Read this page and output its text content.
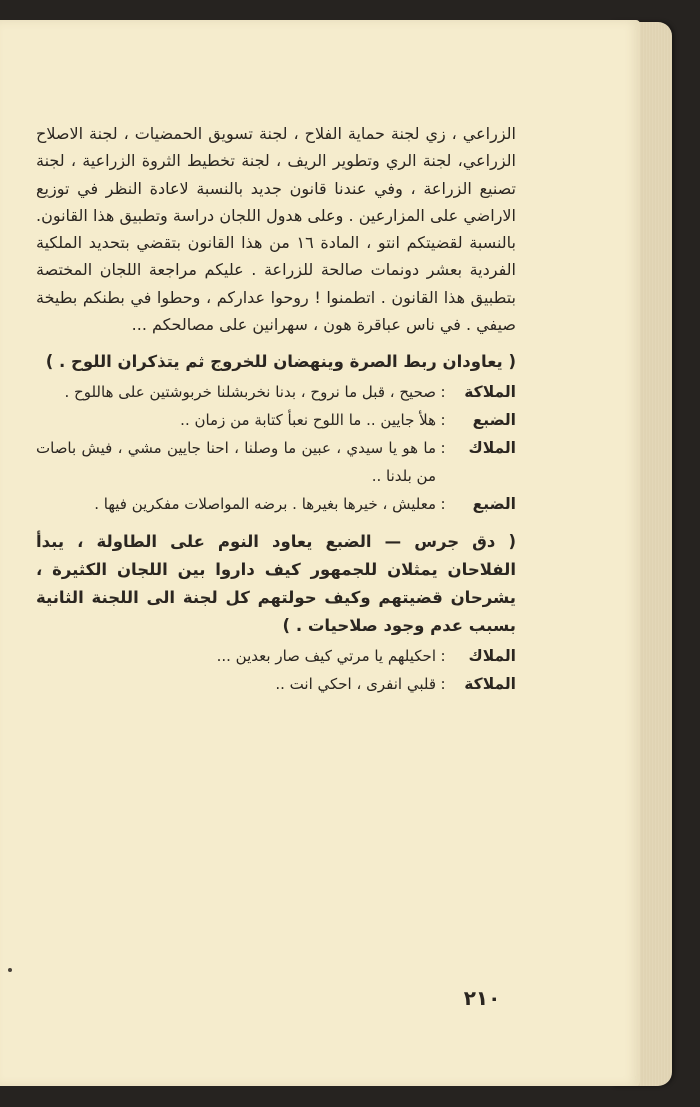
الزراعي ، زي لجنة حماية الفلاح ، لجنة تسويق الحمضيات ، لجنة الاصلاح الزراعي، لجنة الري وتطوير الريف ، لجنة تخطيط الثروة الزراعية ، لجنة تصنيع الزراعة ، وفي عندنا قانون جديد بالنسبة لاعادة النظر في توزيع الاراضي على المزارعين . وعلى هدول اللجان دراسة وتطبيق هذا القانون. بالنسبة لقضيتكم انتو ، المادة ١٦ من هذا القانون بتقضي بتحديد الملكية الفردية بعشر دونمات صالحة للزراعة . عليكم مراجعة اللجان المختصة بتطبيق هذا القانون . اتطمنوا ! روحوا عداركم ، وحطوا في بطنكم بطيخة صيفي . في ناس عباقرة هون ، سهرانين على مصالحكم ...

( يعاودان ربط الصرة وينهضان للخروج ثم يتذكران اللوح . )

الملاكة
:
صحيح ، قبل ما نروح ، بدنا نخربشلنا خربوشتين على هاللوح .
الضبع
:
هلأ جايين .. ما اللوح نعبأ كتابة من زمان ..
الملاك
:
ما هو يا سيدي ، عبين ما وصلنا ، احنا جايين مشي ، فيش باصات من بلدنا ..
الضبع
:
معليش ، خيرها بغيرها . برضه المواصلات مفكرين فيها .

( دق جرس — الضبع يعاود النوم على الطاولة ، يبدأ الفلاحان يمثلان للجمهور كيف داروا بين اللجان الكثيرة ، يشرحان قضيتهم وكيف حولتهم كل لجنة الى اللجنة الثانية بسبب عدم وجود صلاحيات . )

الملاك
:
احكيلهم يا مرتي كيف صار بعدين ...
الملاكة
:
قلبي انفرى ، احكي انت ..
٢١٠
